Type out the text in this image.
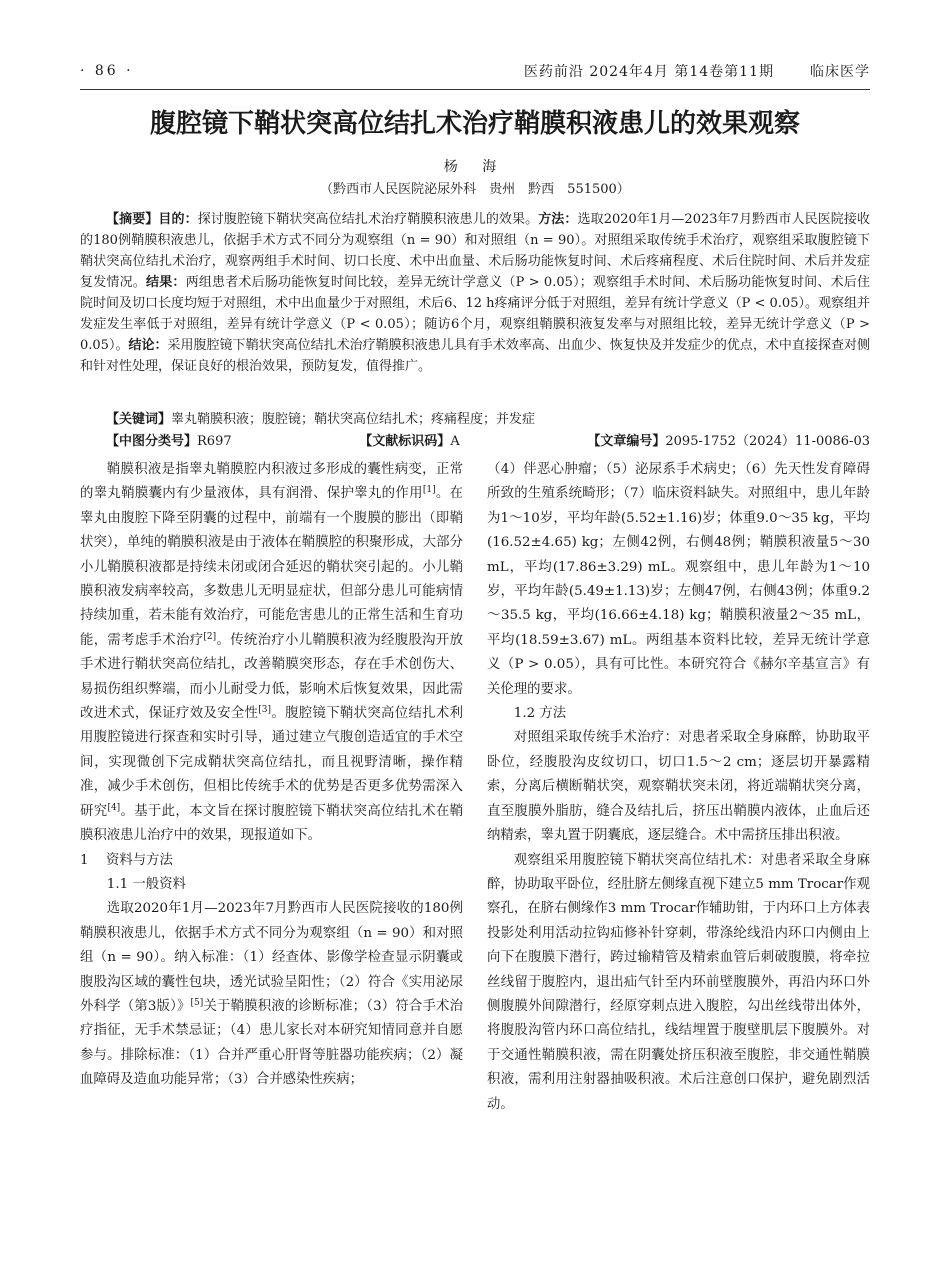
· 86 ·	医药前沿 2024年4月 第14卷第11期	临床医学
腹腔镜下鞘状突高位结扎术治疗鞘膜积液患儿的效果观察
杨 海
（黔西市人民医院泌尿外科　贵州　黔西　551500）
【摘要】目的：探讨腹腔镜下鞘状突高位结扎术治疗鞘膜积液患儿的效果。方法：选取2020年1月—2023年7月黔西市人民医院接收的180例鞘膜积液患儿，依据手术方式不同分为观察组（n = 90）和对照组（n = 90）。对照组采取传统手术治疗，观察组采取腹腔镜下鞘状突高位结扎术治疗，观察两组手术时间、切口长度、术中出血量、术后肠功能恢复时间、术后疼痛程度、术后住院时间、术后并发症复发情况。结果：两组患者术后肠功能恢复时间比较，差异无统计学意义（P > 0.05）；观察组手术时间、术后肠功能恢复时间、术后住院时间及切口长度均短于对照组，术中出血量少于对照组，术后6、12 h疼痛评分低于对照组，差异有统计学意义（P < 0.05）。观察组并发症发生率低于对照组，差异有统计学意义（P < 0.05）；随访6个月，观察组鞘膜积液复发率与对照组比较，差异无统计学意义（P > 0.05）。结论：采用腹腔镜下鞘状突高位结扎术治疗鞘膜积液患儿具有手术效率高、出血少、恢复快及并发症少的优点，术中直接探查对侧和针对性处理，保证良好的根治效果，预防复发，值得推广。
【关键词】睾丸鞘膜积液；腹腔镜；鞘状突高位结扎术；疼痛程度；并发症
【中图分类号】R697	【文献标识码】A	【文章编号】2095-1752（2024）11-0086-03

鞘膜积液是指睾丸鞘膜腔内积液过多形成的囊性病变，正常的睾丸鞘膜囊内有少量液体，具有润滑、保护睾丸的作用[1]。在睾丸由腹腔下降至阴囊的过程中，前端有一个腹膜的膨出（即鞘状突），单纯的鞘膜积液是由于液体在鞘膜腔的积聚形成，大部分小儿鞘膜积液都是持续未闭或闭合延迟的鞘状突引起的。小儿鞘膜积液发病率较高，多数患儿无明显症状，但部分患儿可能病情持续加重，若未能有效治疗，可能危害患儿的正常生活和生育功能，需考虑手术治疗[2]。传统治疗小儿鞘膜积液为经腹股沟开放手术进行鞘状突高位结扎，改善鞘膜突形态，存在手术创伤大、易损伤组织弊端，而小儿耐受力低，影响术后恢复效果，因此需改进术式，保证疗效及安全性[3]。腹腔镜下鞘状突高位结扎术利用腹腔镜进行探查和实时引导，通过建立气腹创造适宜的手术空间，实现微创下完成鞘状突高位结扎，而且视野清晰，操作精准，减少手术创伤，但相比传统手术的优势是否更多优势需深入研究[4]。基于此，本文旨在探讨腹腔镜下鞘状突高位结扎术在鞘膜积液患儿治疗中的效果，现报道如下。

1 资料与方法

1.1 一般资料

选取2020年1月—2023年7月黔西市人民医院接收的180例鞘膜积液患儿，依据手术方式不同分为观察组（n = 90）和对照组（n = 90）。纳入标准：（1）经查体、影像学检查显示阴囊或腹股沟区域的囊性包块，透光试验呈阳性；（2）符合《实用泌尿外科学（第3版）》[5]关于鞘膜积液的诊断标准；（3）符合手术治疗指征，无手术禁忌证；（4）患儿家长对本研究知情同意并自愿参与。排除标准：（1）合并严重心肝肾等脏器功能疾病；（2）凝血障碍及造血功能异常；（3）合并感染性疾病；

（4）伴恶心肿瘤；（5）泌尿系手术病史；（6）先天性发育障碍所致的生殖系统畸形；（7）临床资料缺失。对照组中，患儿年龄为1～10岁，平均年龄(5.52±1.16)岁；体重9.0～35 kg，平均(16.52±4.65) kg；左侧42例，右侧48例；鞘膜积液量5～30 mL，平均(17.86±3.29) mL。观察组中，患儿年龄为1～10岁，平均年龄(5.49±1.13)岁；左侧47例，右侧43例；体重9.2～35.5 kg，平均(16.66±4.18) kg；鞘膜积液量2～35 mL，平均(18.59±3.67) mL。两组基本资料比较，差异无统计学意义（P > 0.05），具有可比性。本研究符合《赫尔辛基宣言》有关伦理的要求。

1.2 方法

对照组采取传统手术治疗：对患者采取全身麻醉，协助取平卧位，经腹股沟皮纹切口，切口1.5～2 cm；逐层切开暴露精索，分离后横断鞘状突，观察鞘状突未闭，将近端鞘状突分离，直至腹膜外脂肪，缝合及结扎后，挤压出鞘膜内液体，止血后还纳精索，睾丸置于阴囊底，逐层缝合。术中需挤压排出积液。

观察组采用腹腔镜下鞘状突高位结扎术：对患者采取全身麻醉，协助取平卧位，经肚脐左侧缘直视下建立5 mm Trocar作观察孔，在脐右侧缘作3 mm Trocar作辅助钳，于内环口上方体表投影处利用活动拉钩疝修补针穿刺，带涤纶线沿内环口内侧由上向下在腹膜下潜行，跨过输精管及精索血管后刺破腹膜，将牵拉丝线留于腹腔内，退出疝气针至内环前壁腹膜外，再沿内环口外侧腹膜外间隙潜行，经原穿刺点进入腹腔，勾出丝线带出体外，将腹股沟管内环口高位结扎，线结埋置于腹壁肌层下腹膜外。对于交通性鞘膜积液，需在阴囊处挤压积液至腹腔，非交通性鞘膜积液，需利用注射器抽吸积液。术后注意创口保护，避免剧烈活动。
